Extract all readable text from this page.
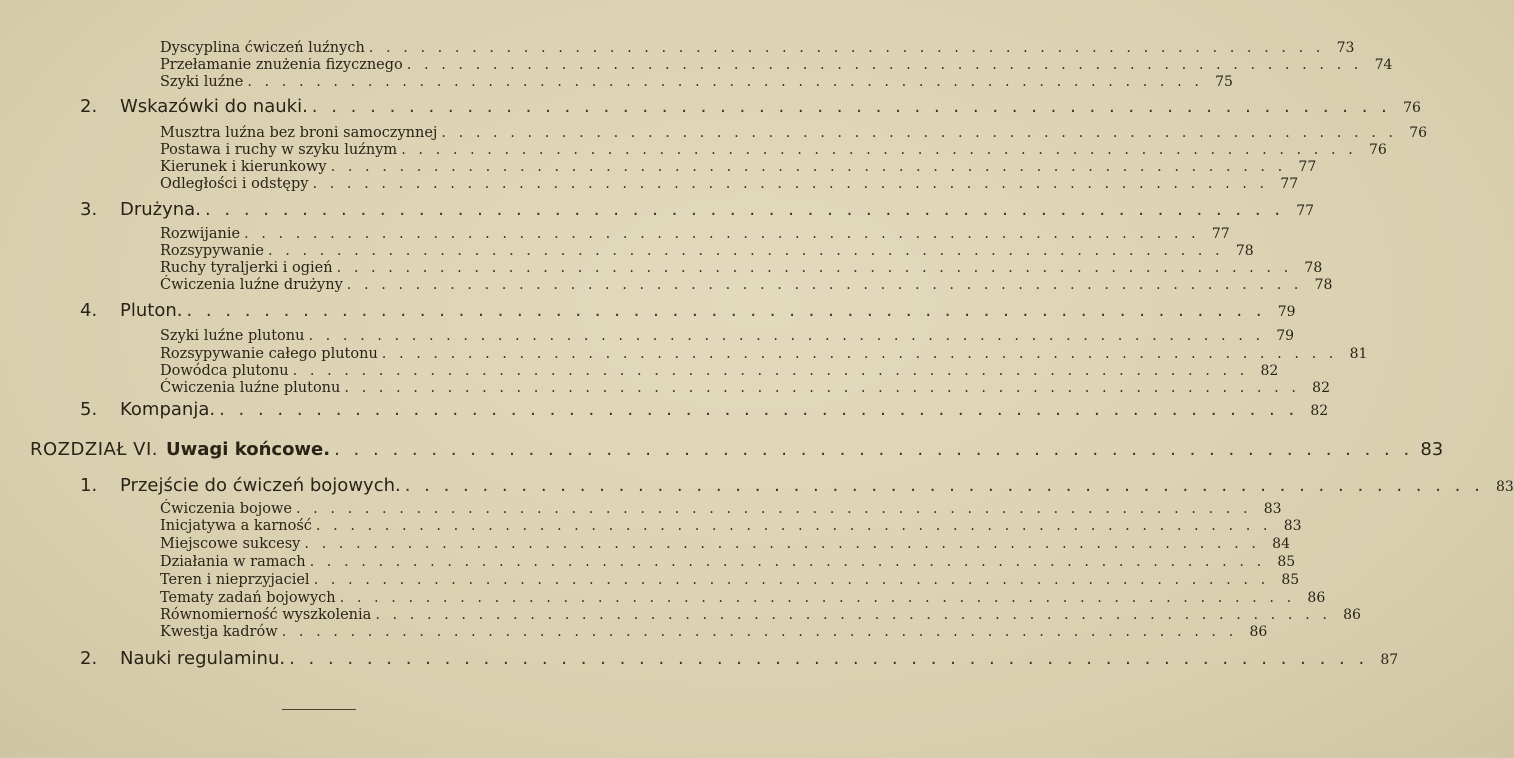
Dyscyplina ćwiczeń luźnych . . . . . . . . . . . . . . . . . . . . . . . . . . . . . . . . . . . . . . . . . . . . . . . . . . . . . . . . 73
Przełamanie znużenia fizycznego . . . . . . . . . . . . . . . . . . . . . . . . . . . . . . . . . . . . . . . . . . . . . . . . . . . . . . . . 74
Szyki luźne . . . . . . . . . . . . . . . . . . . . . . . . . . . . . . . . . . . . . . . . . . . . . . . . . . . . . . . . 75
2. Wskazówki do nauki. . . . . . . . . . . . . . . . . . . . . . . . . . . . . . . . . . . . . . . . . . . . . . . . . . . . . . . . . 76
Musztra luźna bez broni samoczynnej . . . . . . . . . . . . . . . . . . . . . . . . . . . . . . . . . . . . . . . . . . . . . . . . . . . . . . . . 76
Postawa i ruchy w szyku luźnym . . . . . . . . . . . . . . . . . . . . . . . . . . . . . . . . . . . . . . . . . . . . . . . . . . . . . . . . 76
Kierunek i kierunkowy . . . . . . . . . . . . . . . . . . . . . . . . . . . . . . . . . . . . . . . . . . . . . . . . . . . . . . . . 77
Odległości i odstępy . . . . . . . . . . . . . . . . . . . . . . . . . . . . . . . . . . . . . . . . . . . . . . . . . . . . . . . . 77
3. Drużyna. . . . . . . . . . . . . . . . . . . . . . . . . . . . . . . . . . . . . . . . . . . . . . . . . . . . . . . . . 77
Rozwijanie . . . . . . . . . . . . . . . . . . . . . . . . . . . . . . . . . . . . . . . . . . . . . . . . . . . . . . . . 77
Rozsypywanie . . . . . . . . . . . . . . . . . . . . . . . . . . . . . . . . . . . . . . . . . . . . . . . . . . . . . . . . 78
Ruchy tyraljerki i ogień . . . . . . . . . . . . . . . . . . . . . . . . . . . . . . . . . . . . . . . . . . . . . . . . . . . . . . . . 78
Ćwiczenia luźne drużyny . . . . . . . . . . . . . . . . . . . . . . . . . . . . . . . . . . . . . . . . . . . . . . . . . . . . . . . . 78
4. Pluton. . . . . . . . . . . . . . . . . . . . . . . . . . . . . . . . . . . . . . . . . . . . . . . . . . . . . . . . . 79
Szyki luźne plutonu . . . . . . . . . . . . . . . . . . . . . . . . . . . . . . . . . . . . . . . . . . . . . . . . . . . . . . . . 79
Rozsypywanie całego plutonu . . . . . . . . . . . . . . . . . . . . . . . . . . . . . . . . . . . . . . . . . . . . . . . . . . . . . . . . 81
Dowódca plutonu . . . . . . . . . . . . . . . . . . . . . . . . . . . . . . . . . . . . . . . . . . . . . . . . . . . . . . . . 82
Ćwiczenia luźne plutonu . . . . . . . . . . . . . . . . . . . . . . . . . . . . . . . . . . . . . . . . . . . . . . . . . . . . . . . . 82
5. Kompanja. . . . . . . . . . . . . . . . . . . . . . . . . . . . . . . . . . . . . . . . . . . . . . . . . . . . . . . . . 82
ROZDZIAŁ VI. Uwagi końcowe. . . . . . . . . . . . . . . . . . . . . . . . . . . . . . . . . . . . . . . . . . . . . . . . . . . . . . . . . 83
1. Przejście do ćwiczeń bojowych. . . . . . . . . . . . . . . . . . . . . . . . . . . . . . . . . . . . . . . . . . . . . . . . . . . . . . . . . 83
Ćwiczenia bojowe . . . . . . . . . . . . . . . . . . . . . . . . . . . . . . . . . . . . . . . . . . . . . . . . . . . . . . . . 83
Inicjatywa a karność . . . . . . . . . . . . . . . . . . . . . . . . . . . . . . . . . . . . . . . . . . . . . . . . . . . . . . . . 83
Miejscowe sukcesy . . . . . . . . . . . . . . . . . . . . . . . . . . . . . . . . . . . . . . . . . . . . . . . . . . . . . . . . 84
Działania w ramach . . . . . . . . . . . . . . . . . . . . . . . . . . . . . . . . . . . . . . . . . . . . . . . . . . . . . . . . 85
Teren i nieprzyjaciel . . . . . . . . . . . . . . . . . . . . . . . . . . . . . . . . . . . . . . . . . . . . . . . . . . . . . . . . 85
Tematy zadań bojowych . . . . . . . . . . . . . . . . . . . . . . . . . . . . . . . . . . . . . . . . . . . . . . . . . . . . . . . . 86
Równomierność wyszkolenia . . . . . . . . . . . . . . . . . . . . . . . . . . . . . . . . . . . . . . . . . . . . . . . . . . . . . . . . 86
Kwestja kadrów . . . . . . . . . . . . . . . . . . . . . . . . . . . . . . . . . . . . . . . . . . . . . . . . . . . . . . . . 86
2. Nauki regulaminu. . . . . . . . . . . . . . . . . . . . . . . . . . . . . . . . . . . . . . . . . . . . . . . . . . . . . . . . . 87
